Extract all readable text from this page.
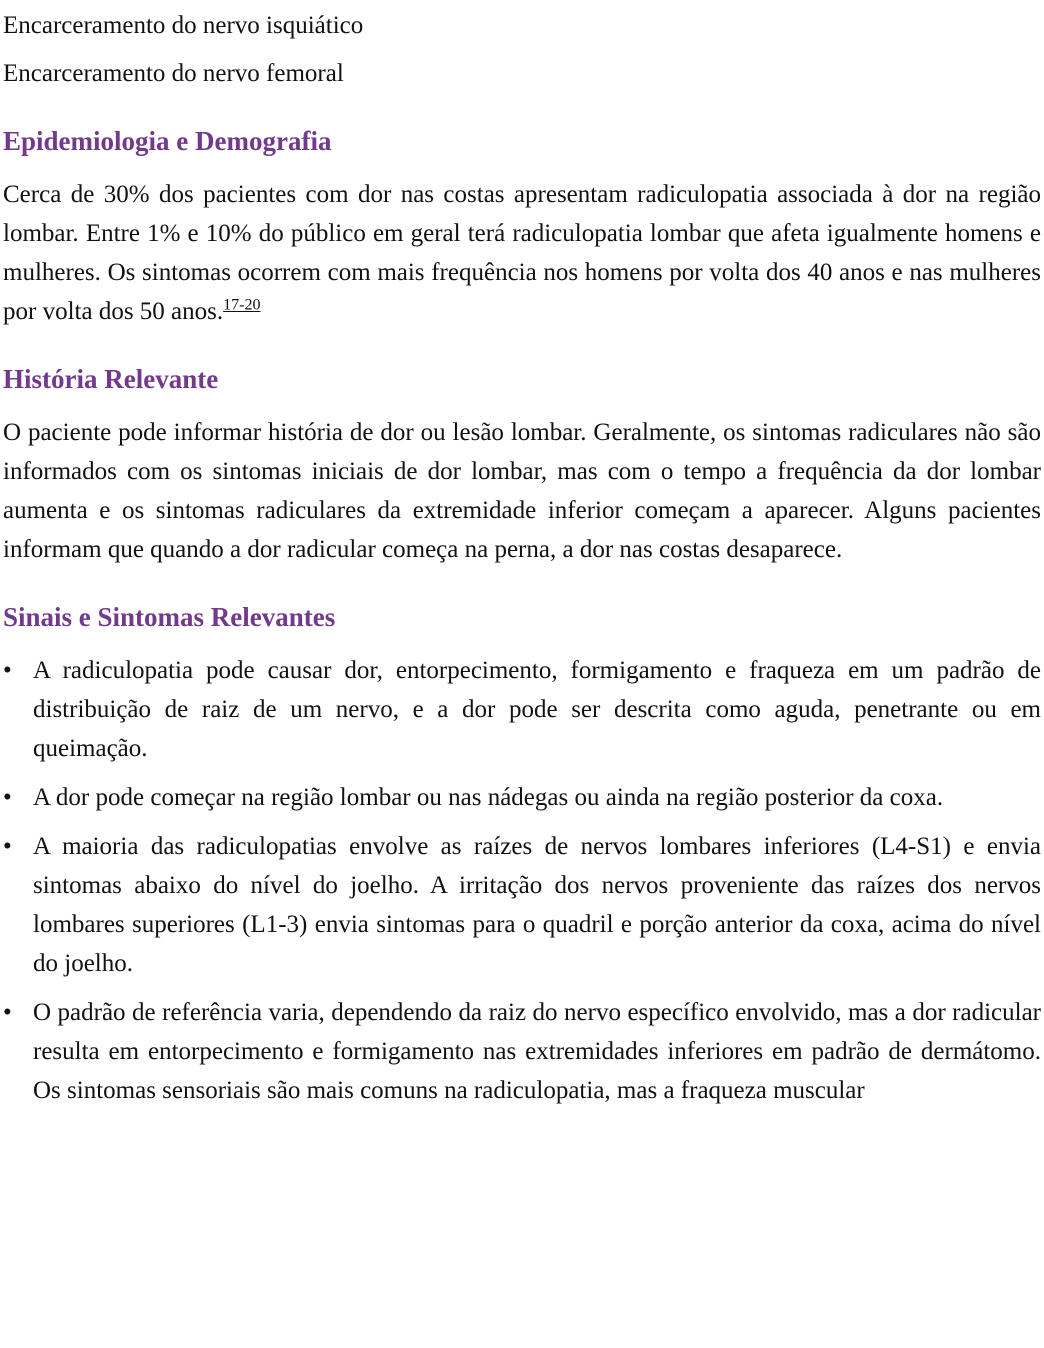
Encarceramento do nervo isquiático

Encarceramento do nervo femoral

Epidemiologia e Demografia

Cerca de 30% dos pacientes com dor nas costas apresentam radiculopatia associada à dor na região lombar. Entre 1% e 10% do público em geral terá radiculopatia lombar que afeta igualmente homens e mulheres. Os sintomas ocorrem com mais frequência nos homens por volta dos 40 anos e nas mulheres por volta dos 50 anos.$^{17-20}$

História Relevante

O paciente pode informar história de dor ou lesão lombar. Geralmente, os sintomas radiculares não são informados com os sintomas iniciais de dor lombar, mas com o tempo a frequência da dor lombar aumenta e os sintomas radiculares da extremidade inferior começam a aparecer. Alguns pacientes informam que quando a dor radicular começa na perna, a dor nas costas desaparece.

Sinais e Sintomas Relevantes
• A radiculopatia pode causar dor, entorpecimento, formigamento e fraqueza em um padrão de distribuição de raiz de um nervo, e a dor pode ser descrita como aguda, penetrante ou em queimação.
• A dor pode começar na região lombar ou nas nádegas ou ainda na região posterior da coxa.
• A maioria das radiculopatias envolve as raízes de nervos lombares inferiores (L4-S1) e envia sintomas abaixo do nível do joelho. A irritação dos nervos proveniente das raízes dos nervos lombares superiores (L1-3) envia sintomas para o quadril e porção anterior da coxa, acima do nível do joelho.
• O padrão de referência varia, dependendo da raiz do nervo específico envolvido, mas a dor radicular resulta em entorpecimento e formigamento nas extremidades inferiores em padrão de dermátomo. Os sintomas sensoriais são mais comuns na radiculopatia, mas a fraqueza muscular
